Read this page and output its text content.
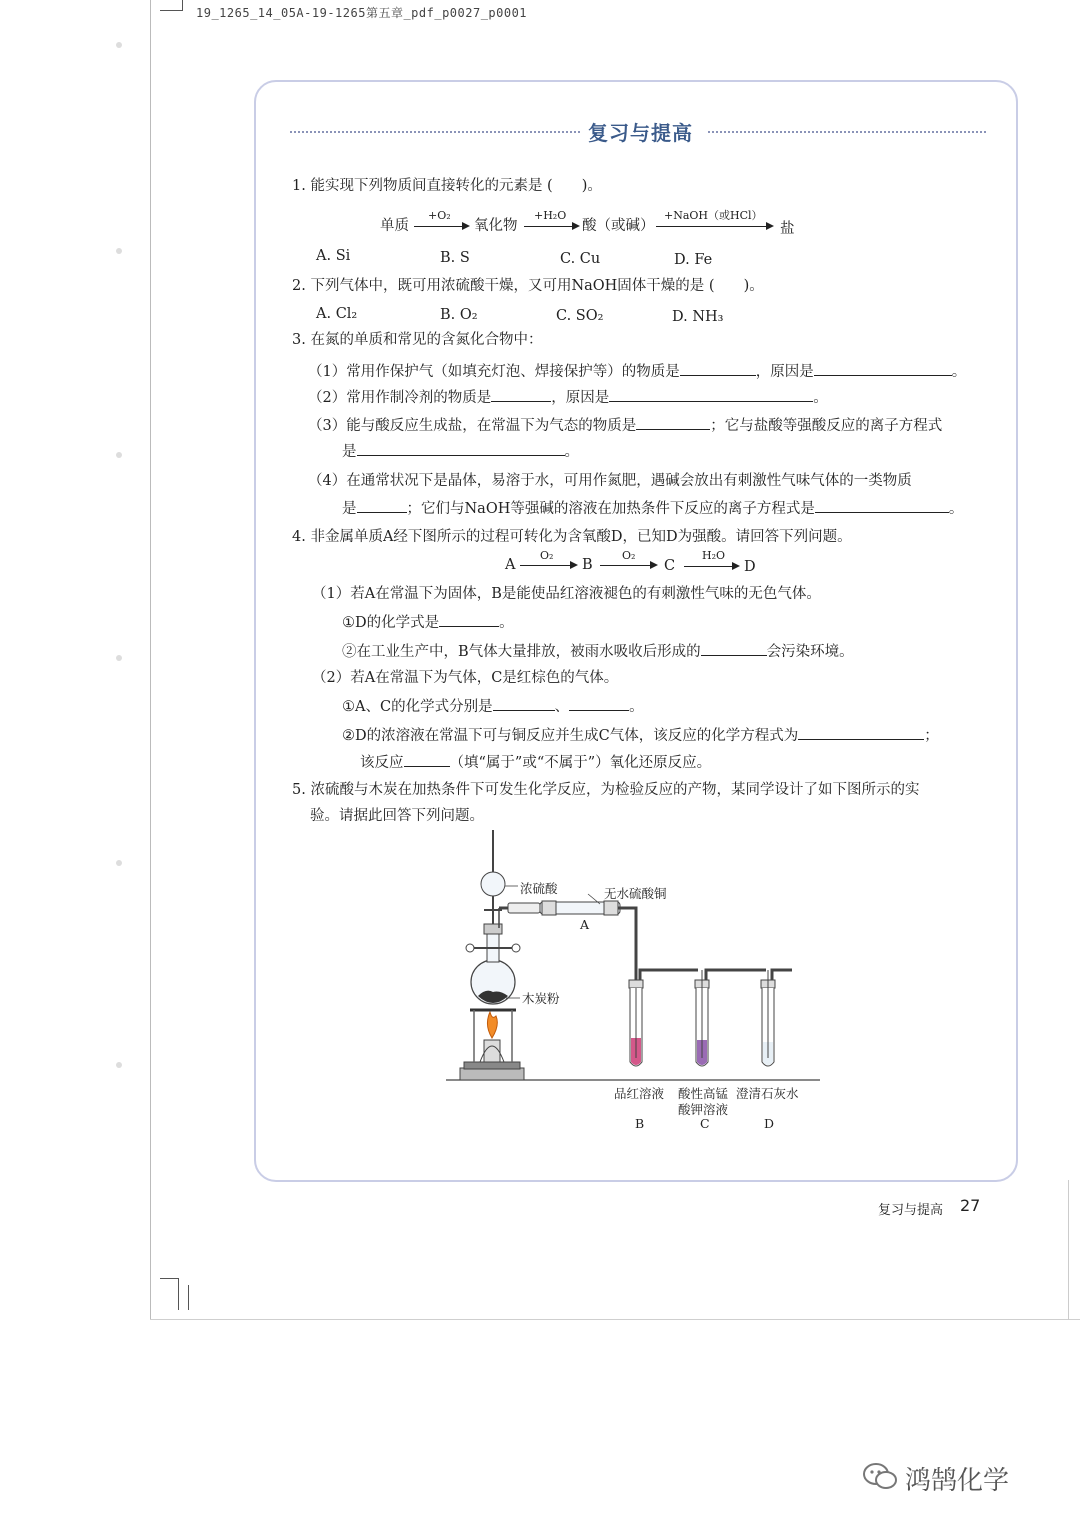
19_1265_14_05A-19-1265第五章_pdf_p0027_p0001
复习与提高
1. 能实现下列物质间直接转化的元素是 (　　)。
单质
+O₂
氧化物
+H₂O
酸（或碱）
+NaOH（或HCl）
盐
A. Si	B. S	C. Cu	D. Fe
2. 下列气体中，既可用浓硫酸干燥，又可用NaOH固体干燥的是 (　　)。
A. Cl₂	B. O₂	C. SO₂	D. NH₃
3. 在氮的单质和常见的含氮化合物中：
（1）常用作保护气（如填充灯泡、焊接保护等）的物质是	，原因是	。
（2）常用作制冷剂的物质是	，原因是	。
（3）能与酸反应生成盐，在常温下为气态的物质是	；它与盐酸等强酸反应的离子方程式
是	。
（4）在通常状况下是晶体，易溶于水，可用作氮肥，遇碱会放出有刺激性气味气体的一类物质
是	；它们与NaOH等强碱的溶液在加热条件下反应的离子方程式是	。
4. 非金属单质A经下图所示的过程可转化为含氧酸D，已知D为强酸。请回答下列问题。
A
O₂
B
O₂
C
H₂O
D
（1）若A在常温下为固体，B是能使品红溶液褪色的有刺激性气味的无色气体。
①D的化学式是	。
②在工业生产中，B气体大量排放，被雨水吸收后形成的	会污染环境。
（2）若A在常温下为气体，C是红棕色的气体。
①A、C的化学式分别是	、	。
②D的浓溶液在常温下可与铜反应并生成C气体，该反应的化学方程式为	；
该反应	（填“属于”或“不属于”）氧化还原反应。
5. 浓硫酸与木炭在加热条件下可发生化学反应，为检验反应的产物，某同学设计了如下图所示的实
验。请据此回答下列问题。
浓硫酸	无水硫酸铜
A
木炭粉
品红溶液 酸性高锰
酸钾溶液
澄清石灰水
B	C	D
复习与提高 27
鸿鹄化学
